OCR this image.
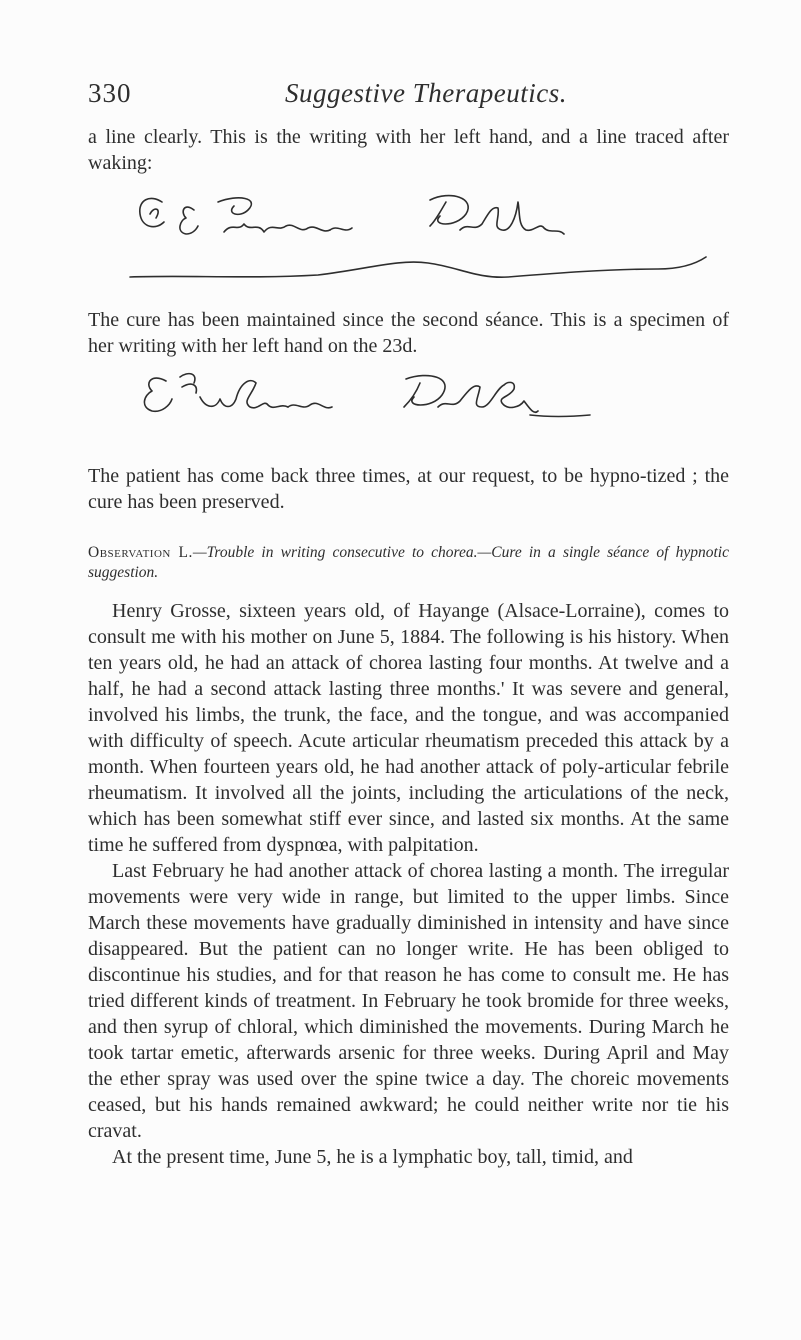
330	Suggestive Therapeutics.

a line clearly. This is the writing with her left hand, and a line traced after waking:

The cure has been maintained since the second séance. This is a specimen of her writing with her left hand on the 23d.

The patient has come back three times, at our request, to be hypno-tized ; the cure has been preserved.

Observation L.—Trouble in writing consecutive to chorea.—Cure in a single séance of hypnotic suggestion.

Henry Grosse, sixteen years old, of Hayange (Alsace-Lorraine), comes to consult me with his mother on June 5, 1884. The following is his history. When ten years old, he had an attack of chorea lasting four months. At twelve and a half, he had a second attack lasting three months.' It was severe and general, involved his limbs, the trunk, the face, and the tongue, and was accompanied with difficulty of speech. Acute articular rheumatism preceded this attack by a month. When fourteen years old, he had another attack of poly-articular febrile rheumatism. It involved all the joints, including the articulations of the neck, which has been somewhat stiff ever since, and lasted six months. At the same time he suffered from dyspnœa, with palpitation.

Last February he had another attack of chorea lasting a month. The irregular movements were very wide in range, but limited to the upper limbs. Since March these movements have gradually diminished in intensity and have since disappeared. But the patient can no longer write. He has been obliged to discontinue his studies, and for that reason he has come to consult me. He has tried different kinds of treatment. In February he took bromide for three weeks, and then syrup of chloral, which diminished the movements. During March he took tartar emetic, afterwards arsenic for three weeks. During April and May the ether spray was used over the spine twice a day. The choreic movements ceased, but his hands remained awkward; he could neither write nor tie his cravat.

At the present time, June 5, he is a lymphatic boy, tall, timid, and
